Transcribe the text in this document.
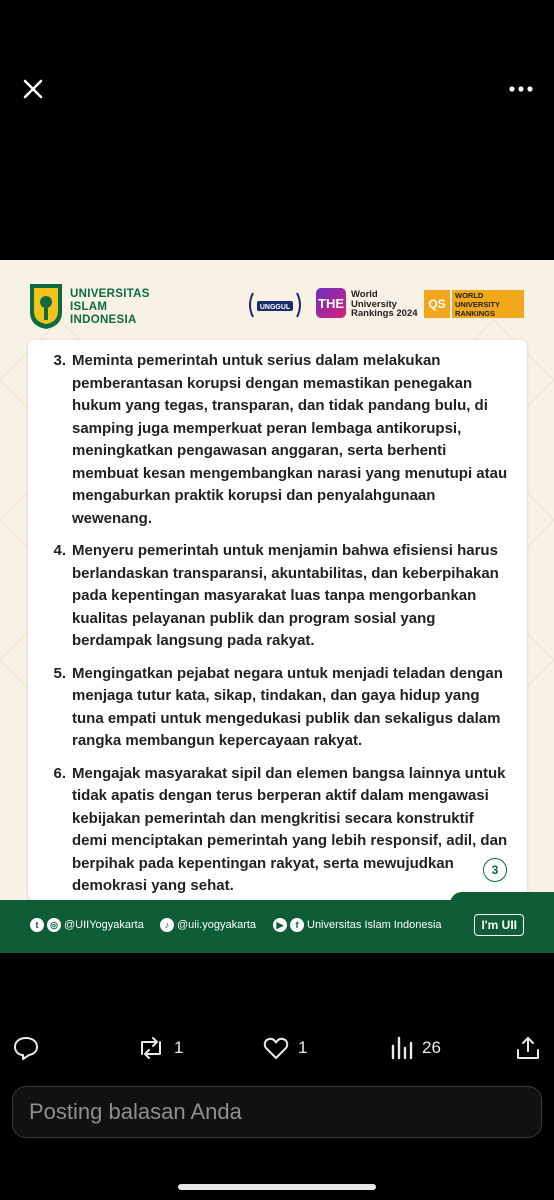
UNIVERSITAS
ISLAM
INDONESIA
UNGGUL THE
World
University
Rankings 2024
QS
WORLD
UNIVERSITY
RANKINGS
3. Meminta pemerintah untuk serius dalam melakukan pemberantasan korupsi dengan memastikan penegakan hukum yang tegas, transparan, dan tidak pandang bulu, di samping juga memperkuat peran lembaga antikorupsi, meningkatkan pengawasan anggaran, serta berhenti membuat kesan mengembangkan narasi yang menutupi atau mengaburkan praktik korupsi dan penyalahgunaan wewenang.
4. Menyeru pemerintah untuk menjamin bahwa efisiensi harus berlandaskan transparansi, akuntabilitas, dan keberpihakan pada kepentingan masyarakat luas tanpa mengorbankan kualitas pelayanan publik dan program sosial yang berdampak langsung pada rakyat.
5. Mengingatkan pejabat negara untuk menjadi teladan dengan menjaga tutur kata, sikap, tindakan, dan gaya hidup yang tuna empati untuk mengedukasi publik dan sekaligus dalam rangka membangun kepercayaan rakyat.
6. Mengajak masyarakat sipil dan elemen bangsa lainnya untuk tidak apatis dengan terus berperan aktif dalam mengawasi kebijakan pemerintah dan mengkritisi secara konstruktif demi menciptakan pemerintah yang lebih responsif, adil, dan berpihak pada kepentingan rakyat, serta mewujudkan demokrasi yang sehat.
3
t	◎ @UIIYogyakarta	♪ @uii.yogyakarta	▶	f Universitas Islam Indonesia	I'm UII
1	1	26
Posting balasan Anda
